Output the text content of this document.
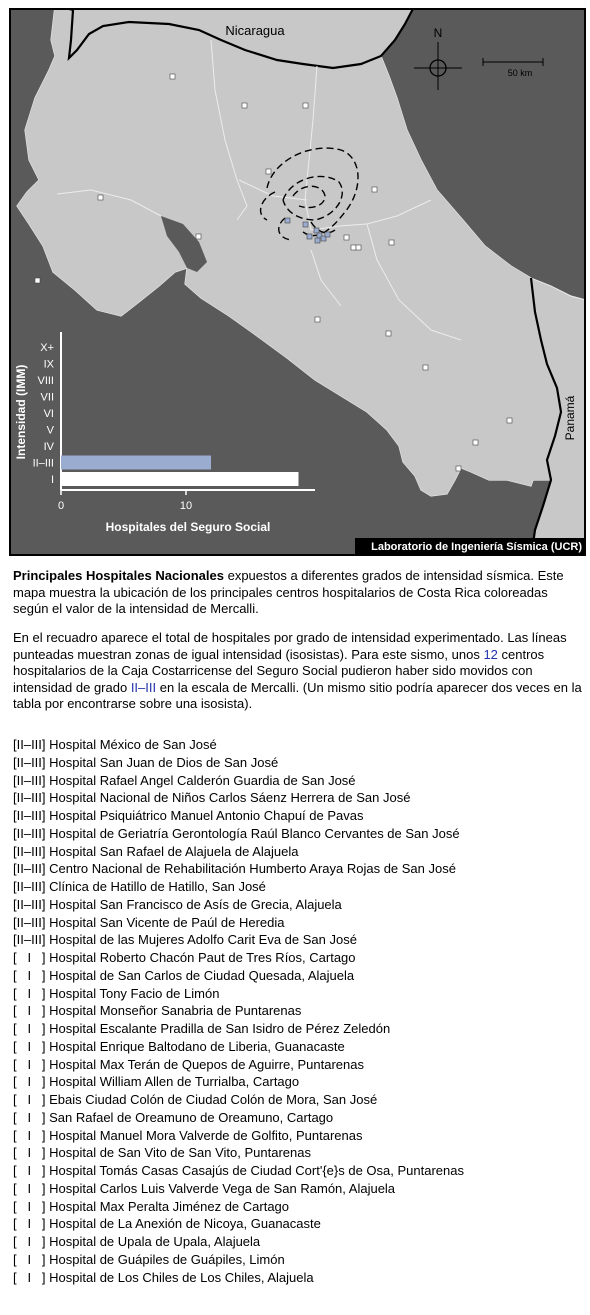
N
50 km
Nicaragua
Panamá
I
II–III
IV
V
VI
VII
VIII
IX
X+
0	10
Hospitales del Seguro Social
Intensidad (IMM)
Laboratorio de Ingeniería Sísmica (UCR)

Principales Hospitales Nacionales expuestos a diferentes grados de intensidad sísmica. Este mapa muestra la ubicación de los principales centros hospitalarios de Costa Rica coloreadas según el valor de la intensidad de Mercalli.

En el recuadro aparece el total de hospitales por grado de intensidad experimentado. Las líneas punteadas muestran zonas de igual intensidad (isosistas). Para este sismo, unos 12 centros hospitalarios de la Caja Costarricense del Seguro Social pudieron haber sido movidos con intensidad de grado II–III en la escala de Mercalli. (Un mismo sitio podría aparecer dos veces en la tabla por encontrarse sobre una isosista).

[II–III] Hospital México de San José
[II–III] Hospital San Juan de Dios de San José
[II–III] Hospital Rafael Angel Calderón Guardia de San José
[II–III] Hospital Nacional de Niños Carlos Sáenz Herrera de San José
[II–III] Hospital Psiquiátrico Manuel Antonio Chapuí de Pavas
[II–III] Hospital de Geriatría Gerontología Raúl Blanco Cervantes de San José
[II–III] Hospital San Rafael de Alajuela de Alajuela
[II–III] Centro Nacional de Rehabilitación Humberto Araya Rojas de San José
[II–III] Clínica de Hatillo de Hatillo, San José
[II–III] Hospital San Francisco de Asís de Grecia, Alajuela
[II–III] Hospital San Vicente de Paúl de Heredia
[II–III] Hospital de las Mujeres Adolfo Carit Eva de San José
[   I   ] Hospital Roberto Chacón Paut de Tres Ríos, Cartago
[   I   ] Hospital de San Carlos de Ciudad Quesada, Alajuela
[   I   ] Hospital Tony Facio de Limón
[   I   ] Hospital Monseñor Sanabria de Puntarenas
[   I   ] Hospital Escalante Pradilla de San Isidro de Pérez Zeledón
[   I   ] Hospital Enrique Baltodano de Liberia, Guanacaste
[   I   ] Hospital Max Terán de Quepos de Aguirre, Puntarenas
[   I   ] Hospital William Allen de Turrialba, Cartago
[   I   ] Ebais Ciudad Colón de Ciudad Colón de Mora, San José
[   I   ] San Rafael de Oreamuno de Oreamuno, Cartago
[   I   ] Hospital Manuel Mora Valverde de Golfito, Puntarenas
[   I   ] Hospital de San Vito de San Vito, Puntarenas
[   I   ] Hospital Tomás Casas Casajús de Ciudad Cort'{e}s de Osa, Puntarenas
[   I   ] Hospital Carlos Luis Valverde Vega de San Ramón, Alajuela
[   I   ] Hospital Max Peralta Jiménez de Cartago
[   I   ] Hospital de La Anexión de Nicoya, Guanacaste
[   I   ] Hospital de Upala de Upala, Alajuela
[   I   ] Hospital de Guápiles de Guápiles, Limón
[   I   ] Hospital de Los Chiles de Los Chiles, Alajuela
